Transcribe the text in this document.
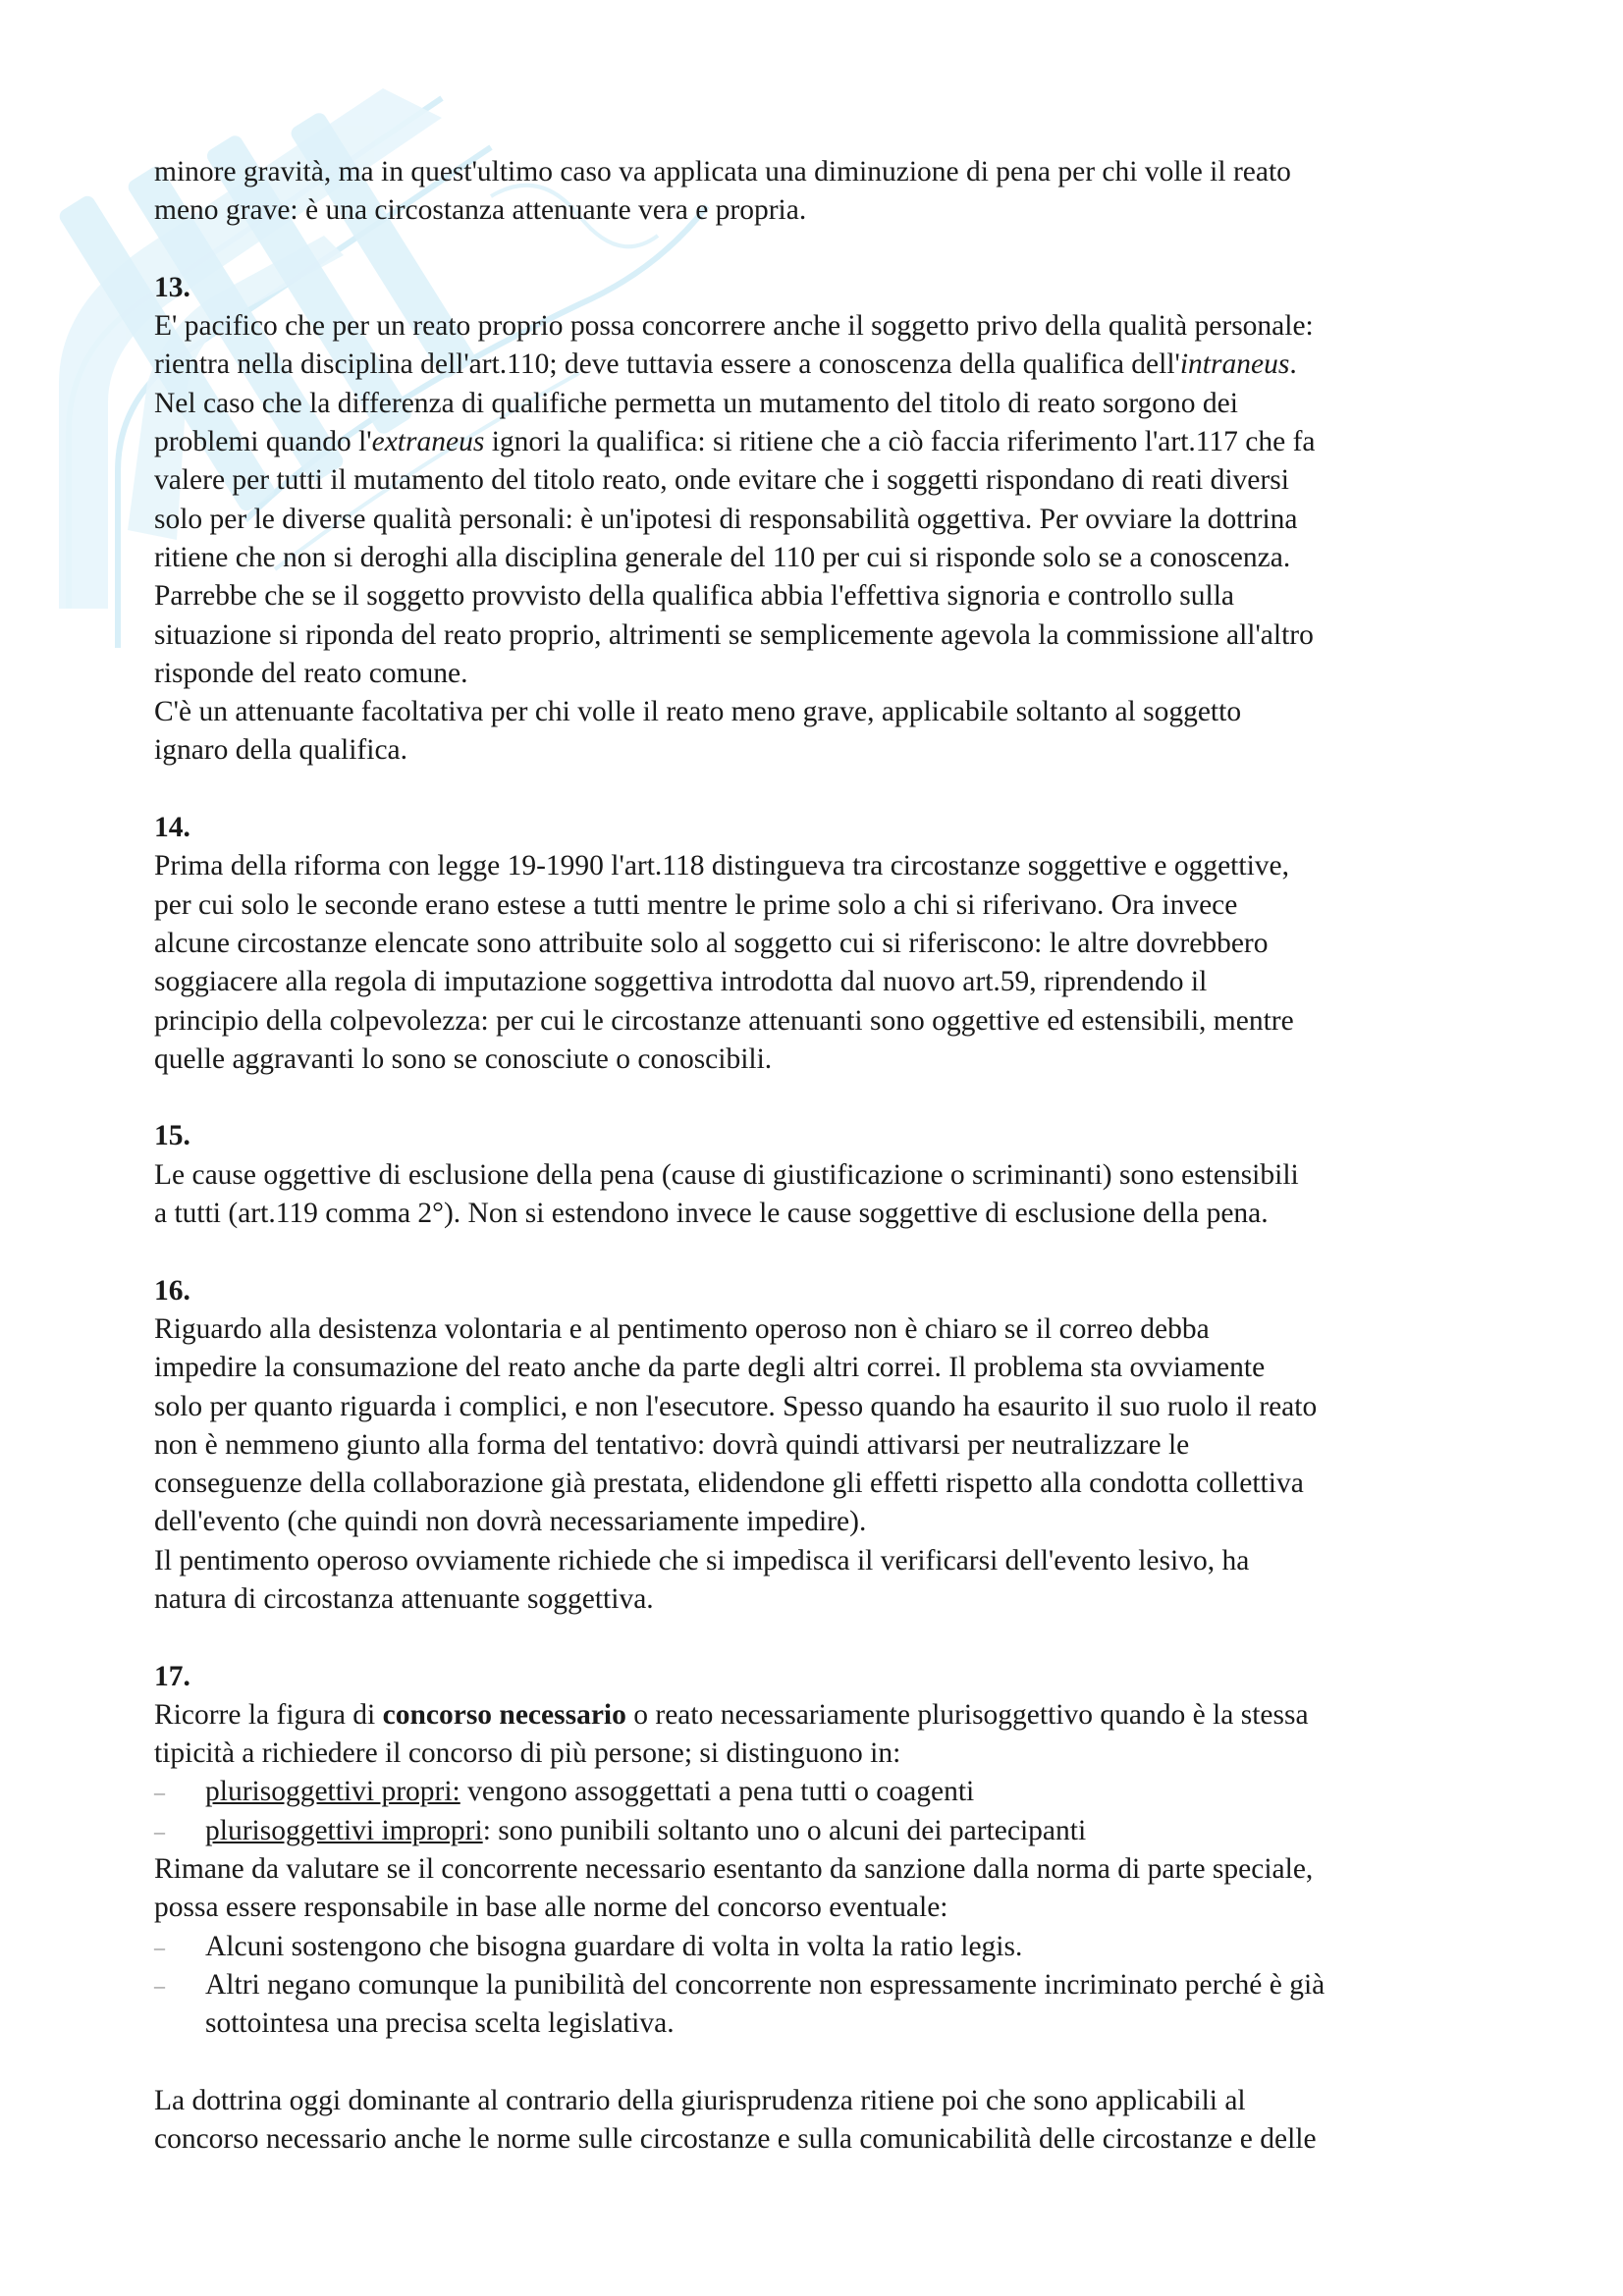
minore gravità, ma in quest'ultimo caso va applicata una diminuzione di pena per chi volle il reato
meno grave: è una circostanza attenuante vera e propria.
13.
E' pacifico che per un reato proprio possa concorrere anche il soggetto privo della qualità personale:
rientra nella disciplina dell'art.110; deve tuttavia essere a conoscenza della qualifica dell'intraneus.
Nel caso che la differenza di qualifiche permetta un mutamento del titolo di reato sorgono dei
problemi quando l'extraneus ignori la qualifica: si ritiene che a ciò faccia riferimento l'art.117 che fa
valere per tutti il mutamento del titolo reato, onde evitare che i soggetti rispondano di reati diversi
solo per le diverse qualità personali: è un'ipotesi di responsabilità oggettiva. Per ovviare la dottrina
ritiene che non si deroghi alla disciplina generale del 110 per cui si risponde solo se a conoscenza.
Parrebbe che se il soggetto provvisto della qualifica abbia l'effettiva signoria e controllo sulla
situazione si riponda del reato proprio, altrimenti se semplicemente agevola la commissione all'altro
risponde del reato comune.
C'è un attenuante facoltativa per chi volle il reato meno grave, applicabile soltanto al soggetto
ignaro della qualifica.
14.
Prima della riforma con legge 19-1990 l'art.118 distingueva tra circostanze soggettive e oggettive,
per cui solo le seconde erano estese a tutti mentre le prime solo a chi si riferivano. Ora invece
alcune circostanze elencate sono attribuite solo al soggetto cui si riferiscono: le altre dovrebbero
soggiacere alla regola di imputazione soggettiva introdotta dal nuovo art.59, riprendendo il
principio della colpevolezza: per cui le circostanze attenuanti sono oggettive ed estensibili, mentre
quelle aggravanti lo sono se conosciute o conoscibili.
15.
Le cause oggettive di esclusione della pena (cause di giustificazione o scriminanti) sono estensibili
a tutti (art.119 comma 2°). Non si estendono invece le cause soggettive di esclusione della pena.
16.
Riguardo alla desistenza volontaria e al pentimento operoso non è chiaro se il correo debba
impedire la consumazione del reato anche da parte degli altri correi. Il problema sta ovviamente
solo per quanto riguarda i complici, e non l'esecutore. Spesso quando ha esaurito il suo ruolo il reato
non è nemmeno giunto alla forma del tentativo: dovrà quindi attivarsi per neutralizzare le
conseguenze della collaborazione già prestata, elidendone gli effetti rispetto alla condotta collettiva
dell'evento (che quindi non dovrà necessariamente impedire).
Il pentimento operoso ovviamente richiede che si impedisca il verificarsi dell'evento lesivo, ha
natura di circostanza attenuante soggettiva.
17.
Ricorre la figura di concorso necessario o reato necessariamente plurisoggettivo quando è la stessa
tipicità a richiedere il concorso di più persone; si distinguono in:
– plurisoggettivi propri: vengono assoggettati a pena tutti o coagenti
– plurisoggettivi impropri: sono punibili soltanto uno o alcuni dei partecipanti
Rimane da valutare se il concorrente necessario esentanto da sanzione dalla norma di parte speciale,
possa essere responsabile in base alle norme del concorso eventuale:
– Alcuni sostengono che bisogna guardare di volta in volta la ratio legis.
– Altri negano comunque la punibilità del concorrente non espressamente incriminato perché è già
sottointesa una precisa scelta legislativa.
La dottrina oggi dominante al contrario della giurisprudenza ritiene poi che sono applicabili al
concorso necessario anche le norme sulle circostanze e sulla comunicabilità delle circostanze e delle
